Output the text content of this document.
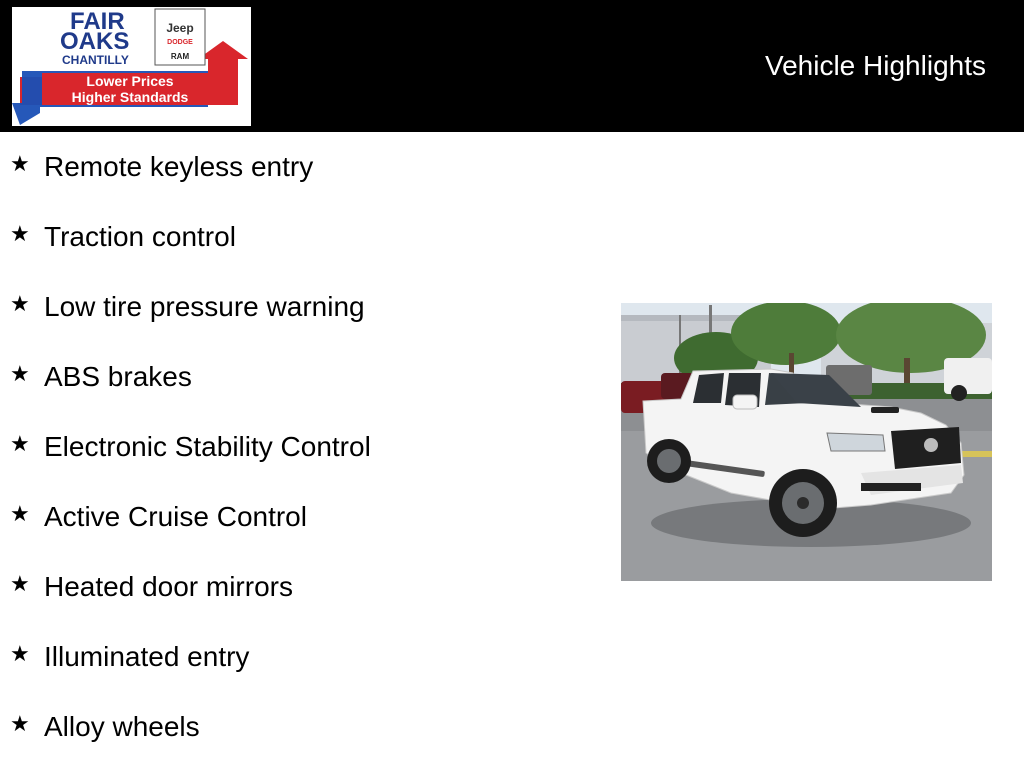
Lower Prices
Higher Standards
FAIR
OAKS
CHANTILLY
Jeep
DODGE
RAM	Vehicle Highlights
★ Remote keyless entry
★ Traction control
★ Low tire pressure warning
★ ABS brakes
★ Electronic Stability Control
★ Active Cruise Control
★ Heated door mirrors
★ Illuminated entry
★ Alloy wheels
